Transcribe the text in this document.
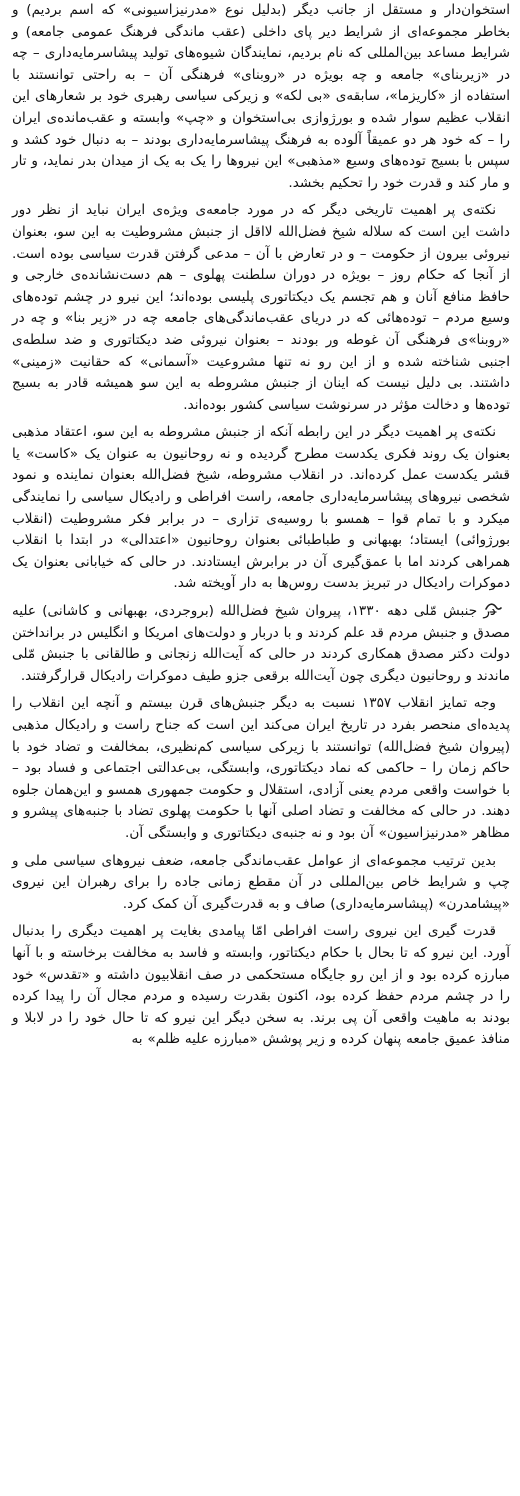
استخوان‌دار و مستقل از جانب دیگر (بدلیل نوع «مدرنیزاسیونی» که اسم بردیم) و بخاطر مجموعه‌ای از شرایط دیر پای داخلی (عقب ماندگی فرهنگ عمومی جامعه) و شرایط مساعد بین‌المللی که نام بردیم، نمایندگان شیوه‌های تولید پیشاسرمایه‌داری – چه در «زیربنای» جامعه و چه بویژه در «روبنای» فرهنگی آن – به راحتی توانستند با استفاده از «کاریزما»، سابقه‌ی «بی لکه» و زیرکی سیاسی رهبری خود بر شعارهای این انقلاب عظیم سوار شده و بورژوازی بی‌استخوان و «چپ» وابسته و عقب‌مانده‌ی ایران را – که خود هر دو عمیقاً آلوده به فرهنگ پیشاسرمایه‌داری بودند – به دنبال خود کشد و سپس با بسیج توده‌های وسیع «مذهبی» این نیروها را یک به یک از میدان بدر نماید، و تار و مار کند و قدرت خود را تحکیم بخشد.

نکته‌ی پر اهمیت تاریخی دیگر که در مورد جامعه‌ی ویژه‌ی ایران نباید از نظر دور داشت این است که سلاله شیخ فضل‌الله لااقل از جنبش مشروطیت به این سو، بعنوان نیروئی بیرون از حکومت – و در تعارض با آن – مدعی گرفتن قدرت سیاسی بوده است. از آنجا که حکام روز – بویژه در دوران سلطنت پهلوی – هم دست‌نشانده‌ی خارجی و حافظ منافع آنان و هم تجسم یک دیکتاتوری پلیسی بوده‌اند؛ این نیرو در چشم توده‌های وسیع مردم – توده‌هائی که در دریای عقب‌ماندگی‌های جامعه چه در «زیر بنا» و چه در «روبنا»ی فرهنگی آن غوطه ور بودند – بعنوان نیروئی ضد دیکتاتوری و ضد سلطه‌ی اجنبی شناخته شده و از این رو نه تنها مشروعیت «آسمانی» که حقانیت «زمینی» داشتند. بی دلیل نیست که اینان از جنبش مشروطه به این سو همیشه قادر به بسیج توده‌ها و دخالت مؤثر در سرنوشت سیاسی کشور بوده‌اند.

نکته‌ی پر اهمیت دیگر در این رابطه آنکه از جنبش مشروطه به این سو، اعتقاد مذهبی بعنوان یک روند فکری یکدست مطرح گردیده و نه روحانیون به عنوان یک «کاست» یا قشر یکدست عمل کرده‌اند. در انقلاب مشروطه، شیخ فضل‌الله بعنوان نماینده و نمود شخصی نیروهای پیشاسرمایه‌داری جامعه، راست افراطی و رادیکال سیاسی را نمایندگی میکرد و با تمام قوا – همسو با روسیه‌ی تزاری – در برابر فکر مشروطیت (انقلاب بورژوائی) ایستاد؛ بهبهانی و طباطبائی بعنوان روحانیون «اعتدالی» در ابتدا با انقلاب همراهی کردند اما با عمق‌گیری آن در برابرش ایستادند. در حالی که خیابانی بعنوان یک دموکرات رادیکال در تبریز بدست روس‌ها به دار آویخته شد.

در جنبش مّلی دهه ۱۳۳۰، پیروان شیخ فضل‌الله (بروجردی، بهبهانی و کاشانی) علیه مصدق و جنبش مردم قد علم کردند و با دربار و دولت‌های امریکا و انگلیس در برانداختن دولت دکتر مصدق همکاری کردند در حالی که آیت‌الله زنجانی و طالقانی با جنبش مّلی ماندند و روحانیون دیگری چون آیت‌الله برقعی جزو طیف دموکرات رادیکال قرارگرفتند.

وجه تمایز انقلاب ۱۳۵۷ نسبت به دیگر جنبش‌های قرن بیستم و آنچه این انقلاب را پدیده‌ای منحصر بفرد در تاریخ ایران می‌کند این است که جناح راست و رادیکال مذهبی (پیروان شیخ فضل‌الله) توانستند با زیرکی سیاسی کم‌نظیری، بمخالفت و تضاد خود با حاکم زمان را – حاکمی که نماد دیکتاتوری، وابستگی، بی‌عدالتی اجتماعی و فساد بود – با خواست واقعی مردم یعنی آزادی، استقلال و حکومت جمهوری همسو و این‌همان جلوه دهند. در حالی که مخالفت و تضاد اصلی آنها با حکومت پهلوی تضاد با جنبه‌های پیشرو و مظاهر «مدرنیزاسیون» آن بود و نه جنبه‌ی دیکتاتوری و وابستگی آن.

بدین ترتیب مجموعه‌ای از عوامل عقب‌ماندگی جامعه، ضعف نیروهای سیاسی ملی و چپ و شرایط خاص بین‌المللی در آن مقطع زمانی جاده را برای رهبران این نیروی «پیشامدرن» (پیشاسرمایه‌داری) صاف و به قدرت‌گیری آن کمک کرد.

قدرت گیری این نیروی راست افراطی امّا پیامدی بغایت پر اهمیت دیگری را بدنبال آورد. این نیرو که تا بحال با حکام دیکتاتور، وابسته و فاسد به مخالفت برخاسته و با آنها مبارزه کرده بود و از این رو جایگاه مستحکمی در صف انقلابیون داشته و «تقدس» خود را در چشم مردم حفظ کرده بود، اکنون بقدرت رسیده و مردم مجال آن را پیدا کرده بودند به ماهیت واقعی آن پی برند. به سخن دیگر این نیرو که تا حال خود را در لابلا و منافذ عمیق جامعه پنهان کرده و زیر پوشش «مبارزه علیه ظلم» به
